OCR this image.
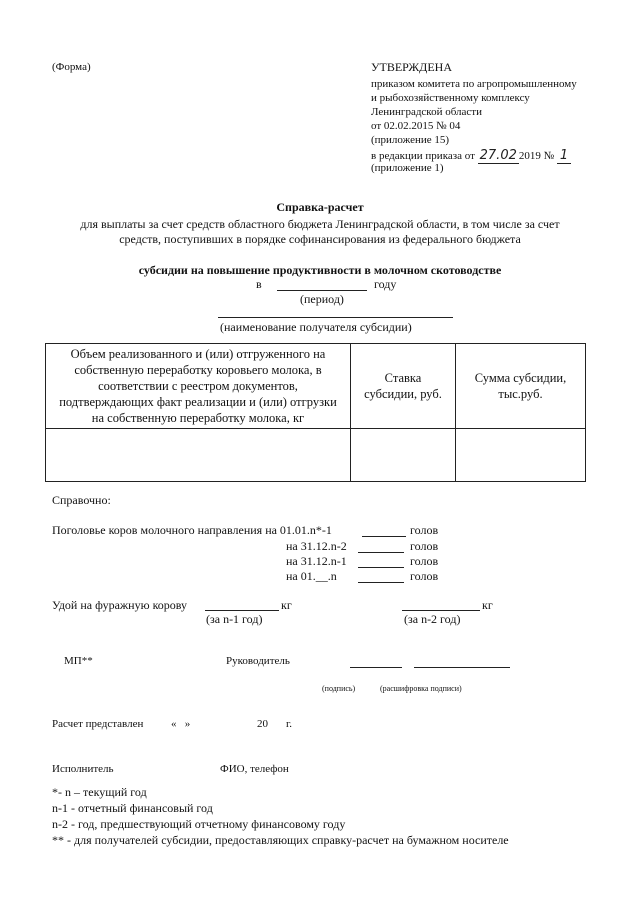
(Форма)	УТВЕРЖДЕНА
приказом комитета по агропромышленному
и рыбохозяйственному комплексу
Ленинградской области
от 02.02.2015 № 04
(приложение 15)
в редакции приказа от 27.02 2019 № 1
(приложение 1)
Справка-расчет
для выплаты за счет средств областного бюджета Ленинградской области, в том числе за счет
средств, поступивших в порядке софинансирования из федерального бюджета
субсидии на повышение продуктивности в молочном скотоводстве
в	году
(период)
(наименование получателя субсидии)
Объем реализованного и (или) отгруженного на собственную переработку коровьего молока, в соответствии с реестром документов, подтверждающих факт реализации и (или) отгрузки на собственную переработку молока, кг	Ставка субсидии, руб.	Сумма субсидии, тыс.руб.

Справочно:
Поголовье коров молочного направления на 01.01.n*-1	голов
на 31.12.n-2	голов
на 31.12.n-1	голов
на 01.__.n	голов
Удой на фуражную корову	кг	кг
(за n-1 год)	(за n-2 год)
МП**	Руководитель
(подпись)	(расшифровка подписи)
Расчет представлен	«   »	20 г.
Исполнитель	ФИО, телефон
*- n – текущий год
n-1 - отчетный финансовый год
n-2 - год, предшествующий отчетному финансовому году
** - для получателей субсидии, предоставляющих справку-расчет на бумажном носителе
